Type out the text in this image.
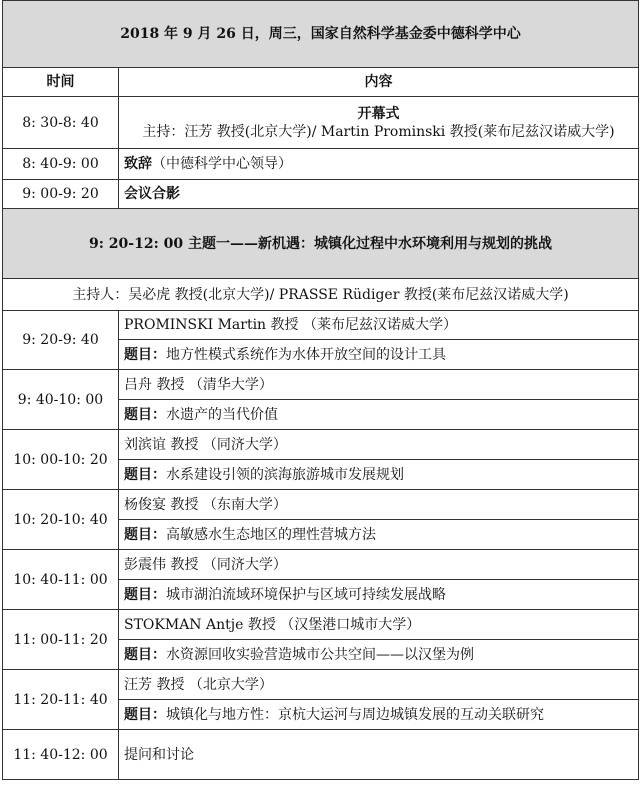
2018 年 9 月 26 日，周三，国家自然科学基金委中德科学中心	
时间	内容
8: 30-8: 40	开幕式
主持：汪芳 教授(北京大学)/ Martin Prominski 教授(莱布尼兹汉诺威大学)

8: 40-9: 00	致辞（中德科学中心领导）
9: 00-9: 20	会议合影
9: 20-12: 00 主题一——新机遇：城镇化过程中水环境利用与规划的挑战	
主持人：吴必虎 教授(北京大学)/ PRASSE Rüdiger 教授(莱布尼兹汉诺威大学)	
9: 20-9: 40	PROMINSKI Martin 教授 （莱布尼兹汉诺威大学）
	题目：地方性模式系统作为水体开放空间的设计工具
9: 40-10: 00	吕舟 教授 （清华大学）
	题目：水遗产的当代价值
10: 00-10: 20	刘滨谊 教授 （同济大学）
	题目：水系建设引领的滨海旅游城市发展规划
10: 20-10: 40	杨俊宴 教授 （东南大学）
	题目：高敏感水生态地区的理性营城方法
10: 40-11: 00	彭震伟 教授 （同济大学）
	题目：城市湖泊流域环境保护与区域可持续发展战略
11: 00-11: 20	STOKMAN Antje 教授 （汉堡港口城市大学）
	题目：水资源回收实验营造城市公共空间——以汉堡为例
11: 20-11: 40	汪芳 教授 （北京大学）
	题目：城镇化与地方性：京杭大运河与周边城镇发展的互动关联研究
11: 40-12: 00	提问和讨论
